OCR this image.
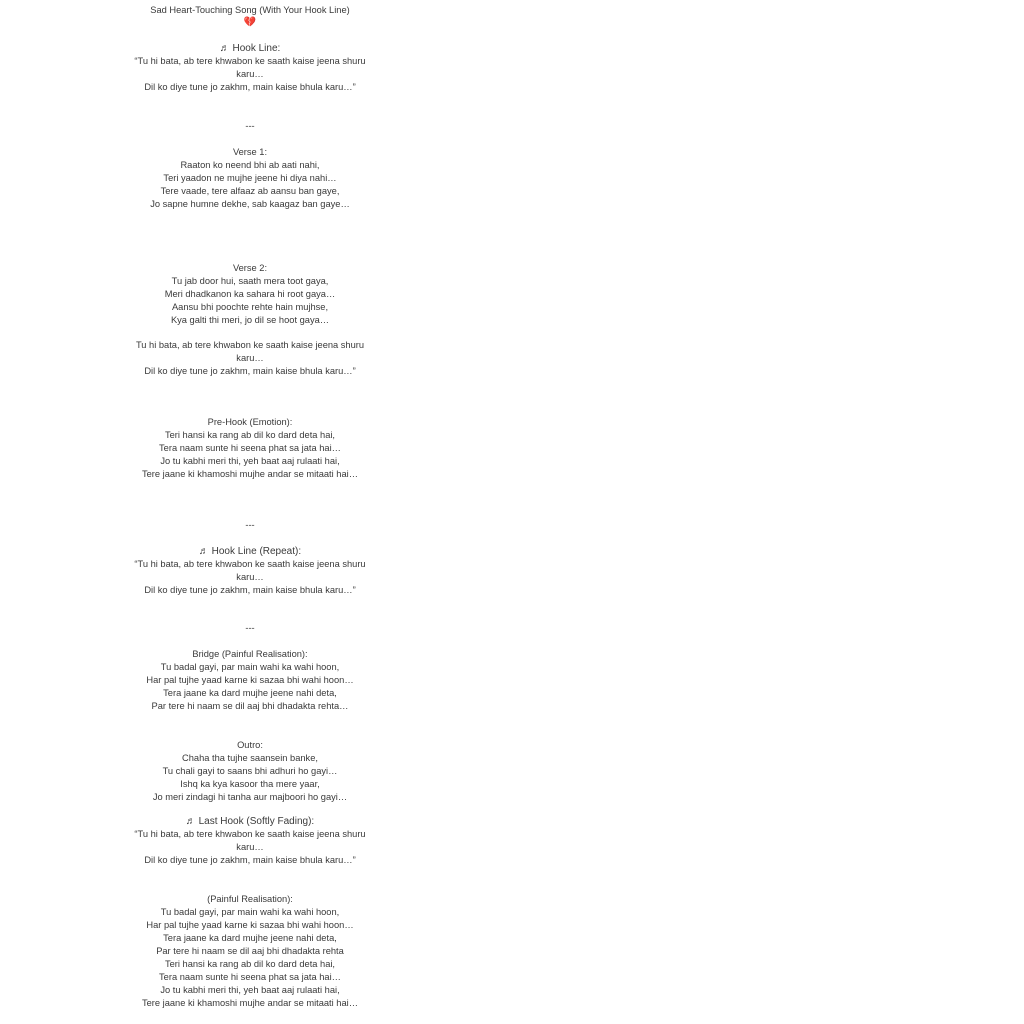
Sad Heart-Touching Song (With Your Hook Line)
💔
♬ Hook Line:
“Tu hi bata, ab tere khwabon ke saath kaise jeena shuru karu…
Dil ko diye tune jo zakhm, main kaise bhula karu…”
---
Verse 1:
Raaton ko neend bhi ab aati nahi,
Teri yaadon ne mujhe jeene hi diya nahi…
Tere vaade, tere alfaaz ab aansu ban gaye,
Jo sapne humne dekhe, sab kaagaz ban gaye…
Verse 2:
Tu jab door hui, saath mera toot gaya,
Meri dhadkanon ka sahara hi root gaya…
Aansu bhi poochte rehte hain mujhse,
Kya galti thi meri, jo dil se hoot gaya…
Tu hi bata, ab tere khwabon ke saath kaise jeena shuru karu…
Dil ko diye tune jo zakhm, main kaise bhula karu…”
Pre-Hook (Emotion):
Teri hansi ka rang ab dil ko dard deta hai,
Tera naam sunte hi seena phat sa jata hai…
Jo tu kabhi meri thi, yeh baat aaj rulaati hai,
Tere jaane ki khamoshi mujhe andar se mitaati hai…
---
♬ Hook Line (Repeat):
“Tu hi bata, ab tere khwabon ke saath kaise jeena shuru karu…
Dil ko diye tune jo zakhm, main kaise bhula karu…”
---
Bridge (Painful Realisation):
Tu badal gayi, par main wahi ka wahi hoon,
Har pal tujhe yaad karne ki sazaa bhi wahi hoon…
Tera jaane ka dard mujhe jeene nahi deta,
Par tere hi naam se dil aaj bhi dhadakta rehta…
Outro:
Chaha tha tujhe saansein banke,
Tu chali gayi to saans bhi adhuri ho gayi…
Ishq ka kya kasoor tha mere yaar,
Jo meri zindagi hi tanha aur majboori ho gayi…
♬ Last Hook (Softly Fading):
“Tu hi bata, ab tere khwabon ke saath kaise jeena shuru karu…
Dil ko diye tune jo zakhm, main kaise bhula karu…”
(Painful Realisation):
Tu badal gayi, par main wahi ka wahi hoon,
Har pal tujhe yaad karne ki sazaa bhi wahi hoon…
Tera jaane ka dard mujhe jeene nahi deta,
Par tere hi naam se dil aaj bhi dhadakta rehta
Teri hansi ka rang ab dil ko dard deta hai,
Tera naam sunte hi seena phat sa jata hai…
Jo tu kabhi meri thi, yeh baat aaj rulaati hai,
Tere jaane ki khamoshi mujhe andar se mitaati hai…
